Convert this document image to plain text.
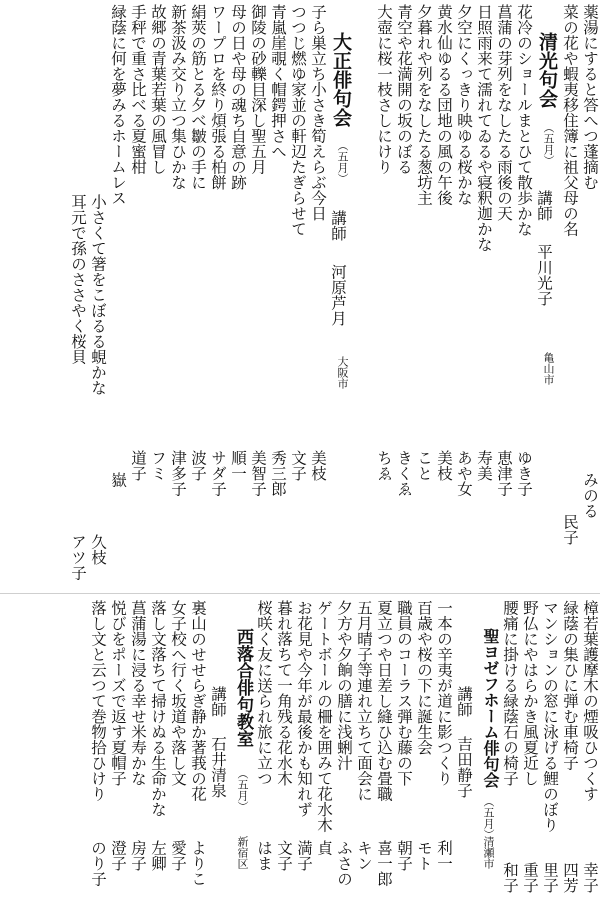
薬湯にすると答へつ蓬摘む
みのる
菜の花や蝦夷移住簿に祖父母の名
民子
清光句会
（五月）
講師
平川光子
亀山市
花冷のショールまとひて散歩かな
ゆき子
菖蒲の芽列をなしたる雨後の天
恵津子
日照雨来て濡れてゐるや寝釈迦かな
寿美
夕空にくっきり映ゆる桜かな
あや女
黄水仙ゆるる団地の風の午後
美枝
夕暮れや列をなしたる葱坊主
こと
青空や花満開の坂のぼる
きくゑ
大壺に桜一枝さしにけり
ちゑ
大正俳句会
（五月）
講師
河原芦月
大阪市
子ら巣立ち小さき筍えらぶ今日
美枝
つつじ燃ゆ家並の軒辺たぎらせて
文子
青嵐崖覗く帽鍔押さへ
秀三郎
御陵の砂轢目深し聖五月
美智子
母の日や母の魂ち自意の跡
順一
ワープロを終り煩張る柏餅
サダ子
絹莢の筋とる夕べ皺の手に
波子
新茶汲み交り立つ集ひかな
津多子
故郷の青葉若葉の風冒し
フミ
手秤で重さ比べる夏蜜柑
道子
緑蔭に何を夢みるホームレス
嶽
小さくて箸をこぼるる蜆かな
久枝
耳元で孫のささやく桜貝
アツ子
樟若葉護摩木の煙吸ひつくす
幸子
緑蔭の集ひに弾む車椅子
四芳
マンションの窓に泳げる鯉のぼり
里子
野仏にやはらかき風夏近し
重子
腰痛に掛ける緑蔭石の椅子
和子
聖ヨゼフホーム俳句会
（五月）
清瀬市
講師
吉田静子
一本の辛夷が道に影つくり
利一
百歳や桜の下に誕生会
モト
職員のコーラス弾む藤の下
朝子
夏立つや日差し縫ひ込む畳職
喜一郎
五月晴子等連れ立ちて面会に
キン
夕方や夕餉の膳に浅蜊汁
ふさの
ゲートボールの柵を囲みて花水木
貞
お花見や今年が最後かも知れず
満子
暮れ落ちて一角残る花水木
文子
桜咲く友に送られ旅に立つ
はま
西落合俳句教室
（五月）
新宿区
講師
石井清泉
裏山のせせらぎ静か著莪の花
よりこ
女子校へ行く坂道や落し文
愛子
落し文落ちて掃けぬる生命かな
左卿
菖蒲湯に浸る幸せ米寿かな
房子
悦びをポーズで返す夏帽子
澄子
落し文と云つて巻物拾ひけり
のり子
